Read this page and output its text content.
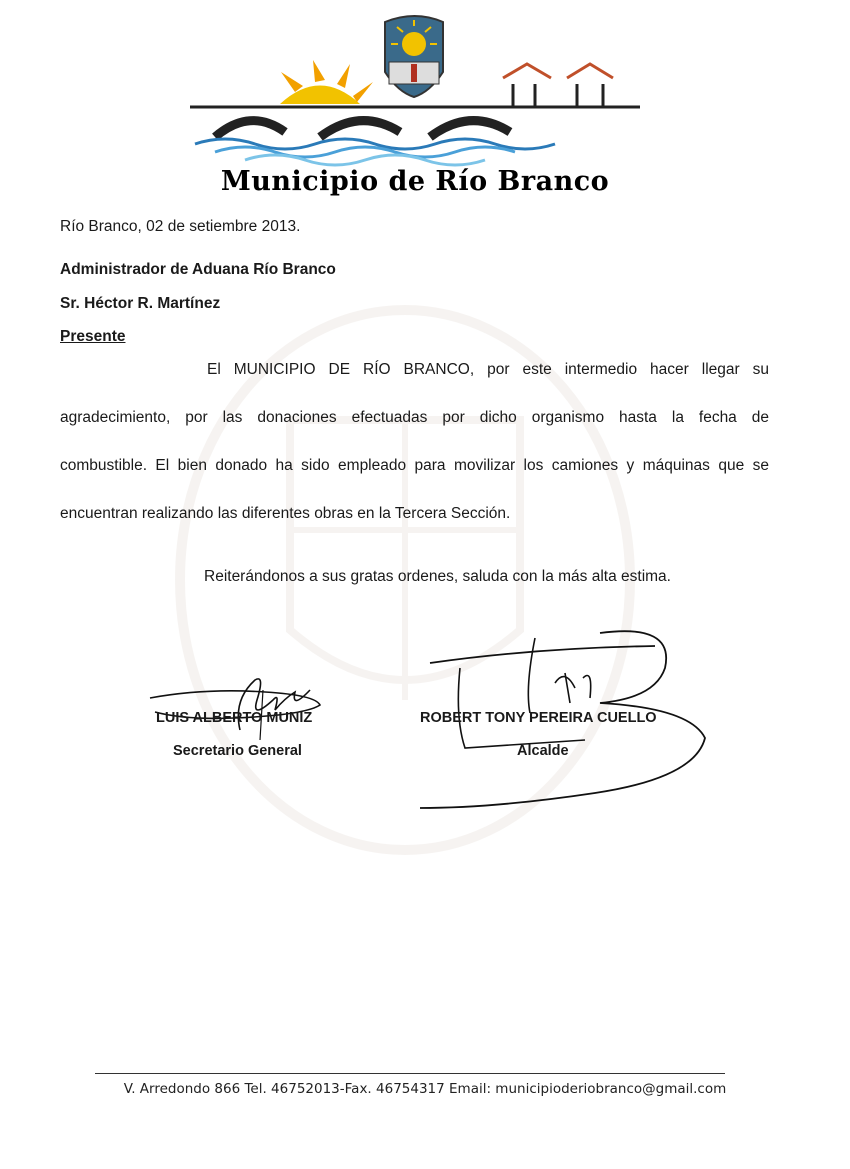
Municipio de Río Branco
Río Branco, 02 de setiembre 2013.
Administrador de Aduana Río Branco
Sr. Héctor R. Martínez
Presente
El MUNICIPIO DE RÍO BRANCO, por este intermedio hacer llegar su
agradecimiento, por las donaciones efectuadas por dicho organismo hasta la fecha de
combustible. El bien donado ha sido empleado para movilizar los camiones y máquinas que se
encuentran realizando las diferentes obras en la Tercera Sección.
Reiterándonos a sus gratas ordenes, saluda con la más alta estima.
LUIS ALBERTO MUNIZ
Secretario General
ROBERT TONY PEREIRA CUELLO
Alcalde
V. Arredondo 866 Tel. 46752013-Fax. 46754317 Email: municipioderiobranco@gmail.com
